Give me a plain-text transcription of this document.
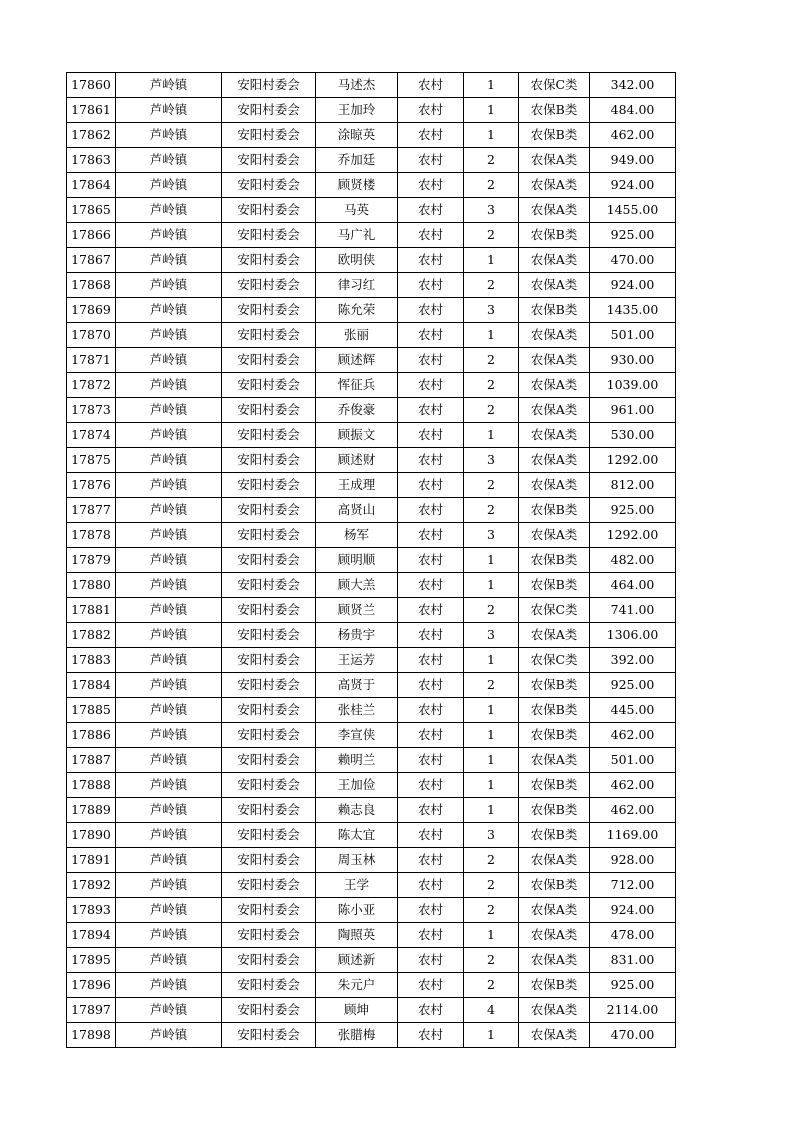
17860	芦岭镇	安阳村委会	马述杰	农村	1	农保C类	342.00
17861	芦岭镇	安阳村委会	王加玲	农村	1	农保B类	484.00
17862	芦岭镇	安阳村委会	涂晾英	农村	1	农保B类	462.00
17863	芦岭镇	安阳村委会	乔加廷	农村	2	农保A类	949.00
17864	芦岭镇	安阳村委会	顾贤楼	农村	2	农保A类	924.00
17865	芦岭镇	安阳村委会	马英	农村	3	农保A类	1455.00
17866	芦岭镇	安阳村委会	马广礼	农村	2	农保B类	925.00
17867	芦岭镇	安阳村委会	欧明侠	农村	1	农保A类	470.00
17868	芦岭镇	安阳村委会	律习红	农村	2	农保A类	924.00
17869	芦岭镇	安阳村委会	陈允荣	农村	3	农保B类	1435.00
17870	芦岭镇	安阳村委会	张丽	农村	1	农保A类	501.00
17871	芦岭镇	安阳村委会	顾述辉	农村	2	农保A类	930.00
17872	芦岭镇	安阳村委会	恽征兵	农村	2	农保A类	1039.00
17873	芦岭镇	安阳村委会	乔俊豪	农村	2	农保A类	961.00
17874	芦岭镇	安阳村委会	顾振文	农村	1	农保A类	530.00
17875	芦岭镇	安阳村委会	顾述财	农村	3	农保A类	1292.00
17876	芦岭镇	安阳村委会	王成理	农村	2	农保A类	812.00
17877	芦岭镇	安阳村委会	高贤山	农村	2	农保B类	925.00
17878	芦岭镇	安阳村委会	杨军	农村	3	农保A类	1292.00
17879	芦岭镇	安阳村委会	顾明顺	农村	1	农保B类	482.00
17880	芦岭镇	安阳村委会	顾大羔	农村	1	农保B类	464.00
17881	芦岭镇	安阳村委会	顾贤兰	农村	2	农保C类	741.00
17882	芦岭镇	安阳村委会	杨贵宇	农村	3	农保A类	1306.00
17883	芦岭镇	安阳村委会	王运芳	农村	1	农保C类	392.00
17884	芦岭镇	安阳村委会	高贤于	农村	2	农保B类	925.00
17885	芦岭镇	安阳村委会	张桂兰	农村	1	农保B类	445.00
17886	芦岭镇	安阳村委会	李宣侠	农村	1	农保B类	462.00
17887	芦岭镇	安阳村委会	赖明兰	农村	1	农保A类	501.00
17888	芦岭镇	安阳村委会	王加俭	农村	1	农保B类	462.00
17889	芦岭镇	安阳村委会	赖志良	农村	1	农保B类	462.00
17890	芦岭镇	安阳村委会	陈太宜	农村	3	农保B类	1169.00
17891	芦岭镇	安阳村委会	周玉林	农村	2	农保A类	928.00
17892	芦岭镇	安阳村委会	王学	农村	2	农保B类	712.00
17893	芦岭镇	安阳村委会	陈小亚	农村	2	农保A类	924.00
17894	芦岭镇	安阳村委会	陶照英	农村	1	农保A类	478.00
17895	芦岭镇	安阳村委会	顾述新	农村	2	农保A类	831.00
17896	芦岭镇	安阳村委会	朱元户	农村	2	农保B类	925.00
17897	芦岭镇	安阳村委会	顾坤	农村	4	农保A类	2114.00
17898	芦岭镇	安阳村委会	张腊梅	农村	1	农保A类	470.00
